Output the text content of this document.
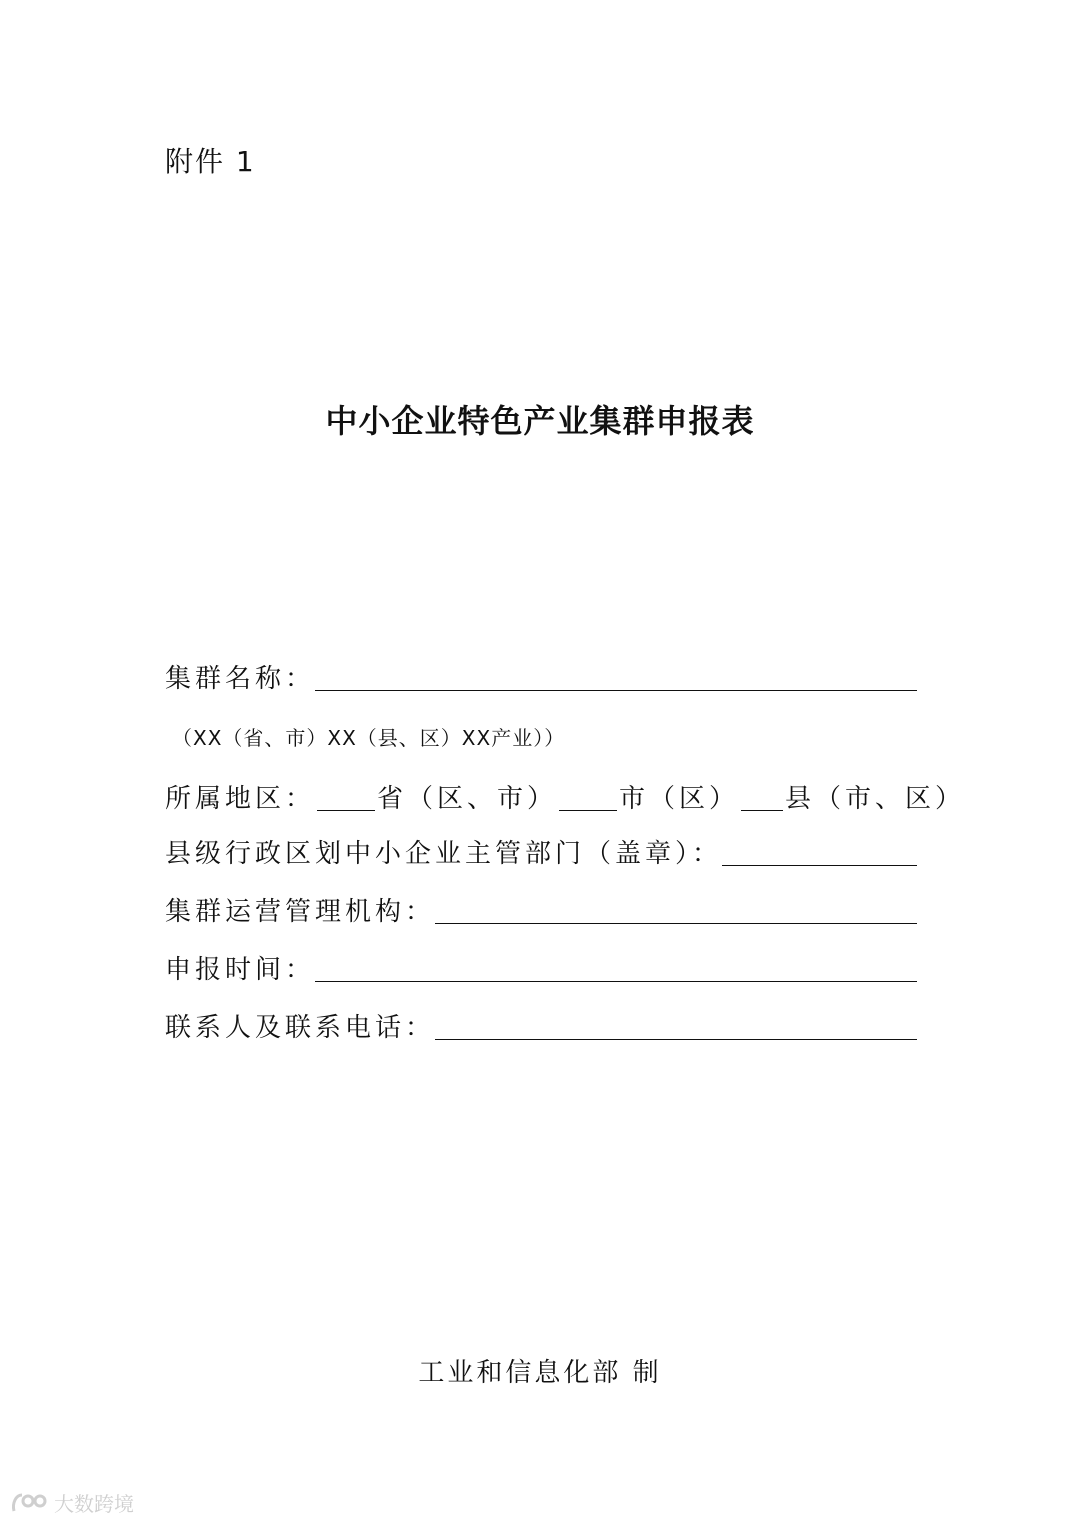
附件 1
中小企业特色产业集群申报表
集群名称：
（XX（省、市）XX（县、区）XX产业））
所属地区： 省（区、市） 市（区） 县（市、区）
县级行政区划中小企业主管部门（盖章）：
集群运营管理机构：
申报时间：
联系人及联系电话：
工业和信息化部 制
大数跨境
